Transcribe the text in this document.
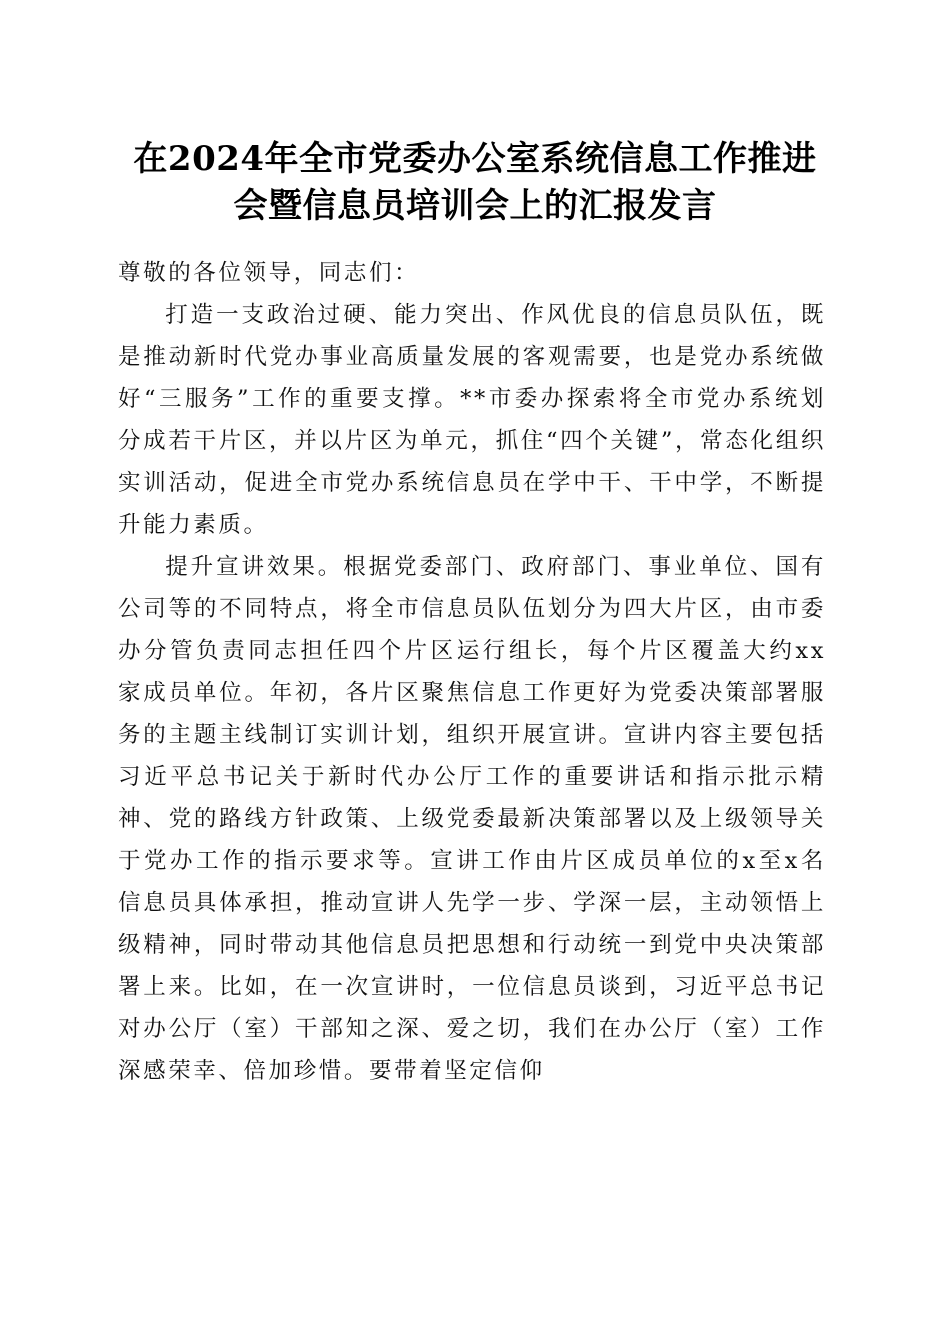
在2024年全市党委办公室系统信息工作推进
会暨信息员培训会上的汇报发言

尊敬的各位领导，同志们：

打造一支政治过硬、能力突出、作风优良的信息员队伍，既是推动新时代党办事业高质量发展的客观需要，也是党办系统做好“三服务”工作的重要支撑。**市委办探索将全市党办系统划分成若干片区，并以片区为单元，抓住“四个关键”，常态化组织实训活动，促进全市党办系统信息员在学中干、干中学，不断提升能力素质。

提升宣讲效果。根据党委部门、政府部门、事业单位、国有公司等的不同特点，将全市信息员队伍划分为四大片区，由市委办分管负责同志担任四个片区运行组长，每个片区覆盖大约xx家成员单位。年初，各片区聚焦信息工作更好为党委决策部署服务的主题主线制订实训计划，组织开展宣讲。宣讲内容主要包括习近平总书记关于新时代办公厅工作的重要讲话和指示批示精神、党的路线方针政策、上级党委最新决策部署以及上级领导关于党办工作的指示要求等。宣讲工作由片区成员单位的x至x名信息员具体承担，推动宣讲人先学一步、学深一层，主动领悟上级精神，同时带动其他信息员把思想和行动统一到党中央决策部署上来。比如，在一次宣讲时，一位信息员谈到，习近平总书记对办公厅（室）干部知之深、爱之切，我们在办公厅（室）工作深感荣幸、倍加珍惜。要带着坚定信仰
